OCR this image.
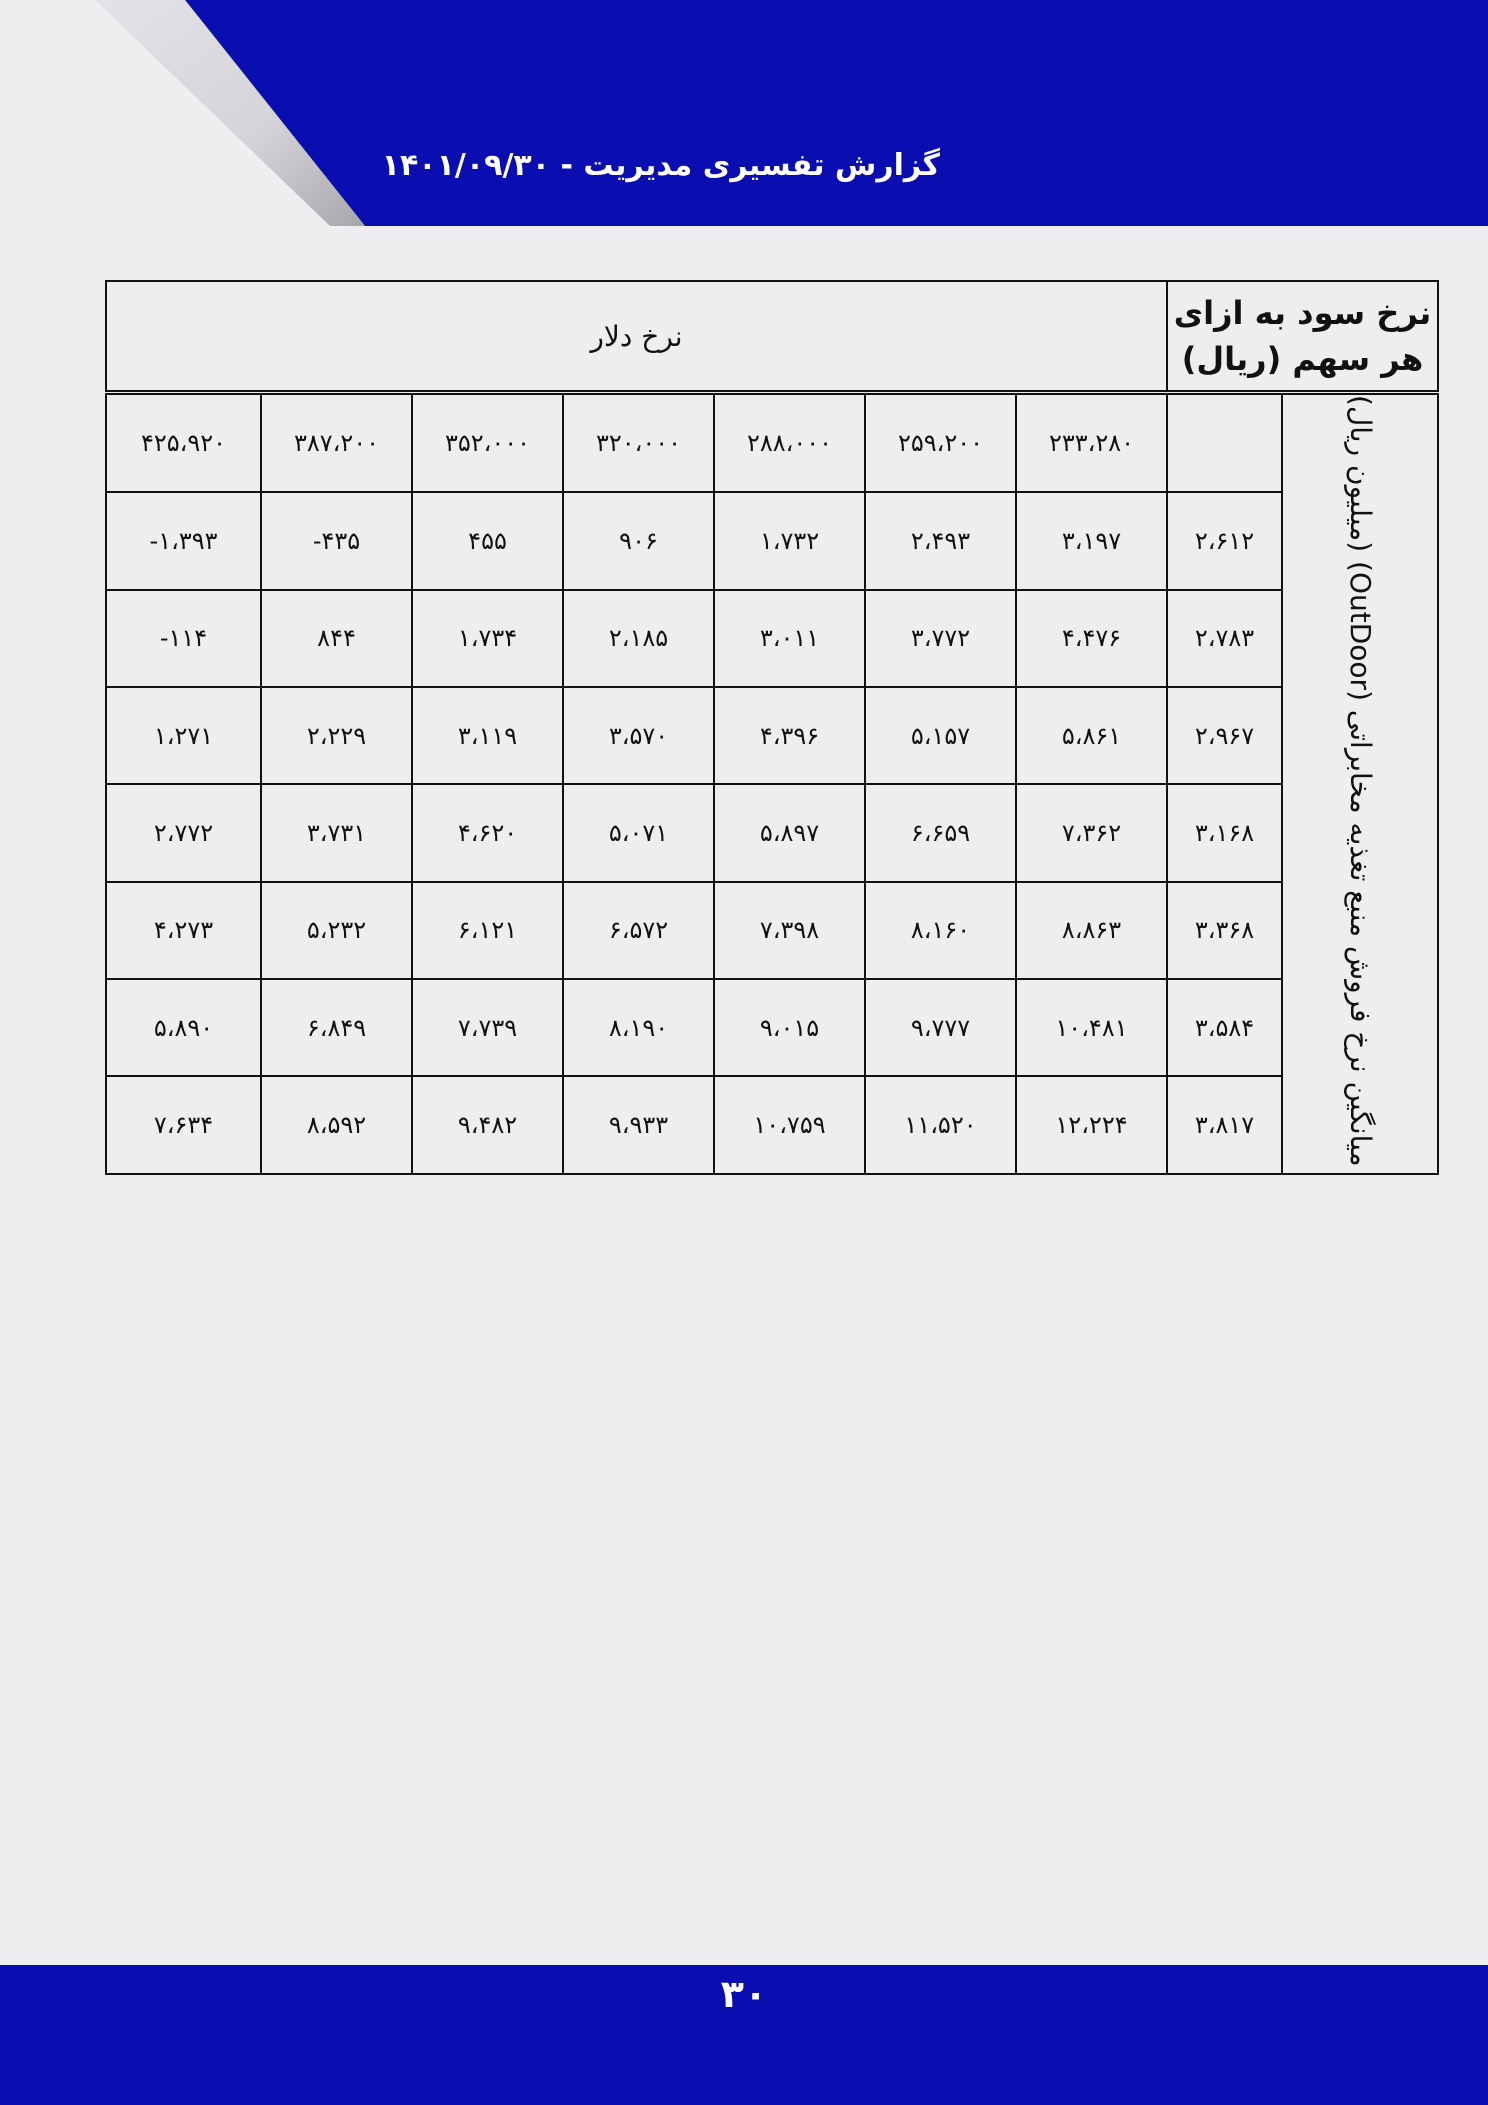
گزارش تفسیری مدیریت - ۱۴۰۱/۰۹/۳۰
نرخ سود به ازای هر سهم (ریال)		نرخ دلار						
میانگین نرخ فروش منبع تغذیه مخابراتی (OutDoor) (میلیون ریال)		۲۳۳،۲۸۰	۲۵۹،۲۰۰	۲۸۸،۰۰۰	۳۲۰،۰۰۰	۳۵۲،۰۰۰	۳۸۷،۲۰۰	۴۲۵،۹۲۰
	۲،۶۱۲	۳،۱۹۷	۲،۴۹۳	۱،۷۳۲	۹۰۶	۴۵۵	۴۳۵-	۱،۳۹۳-
	۲،۷۸۳	۴،۴۷۶	۳،۷۷۲	۳،۰۱۱	۲،۱۸۵	۱،۷۳۴	۸۴۴	۱۱۴-
	۲،۹۶۷	۵،۸۶۱	۵،۱۵۷	۴،۳۹۶	۳،۵۷۰	۳،۱۱۹	۲،۲۲۹	۱،۲۷۱
	۳،۱۶۸	۷،۳۶۲	۶،۶۵۹	۵،۸۹۷	۵،۰۷۱	۴،۶۲۰	۳،۷۳۱	۲،۷۷۲
	۳،۳۶۸	۸،۸۶۳	۸،۱۶۰	۷،۳۹۸	۶،۵۷۲	۶،۱۲۱	۵،۲۳۲	۴،۲۷۳
	۳،۵۸۴	۱۰،۴۸۱	۹،۷۷۷	۹،۰۱۵	۸،۱۹۰	۷،۷۳۹	۶،۸۴۹	۵،۸۹۰
	۳،۸۱۷	۱۲،۲۲۴	۱۱،۵۲۰	۱۰،۷۵۹	۹،۹۳۳	۹،۴۸۲	۸،۵۹۲	۷،۶۳۴
۳۰
